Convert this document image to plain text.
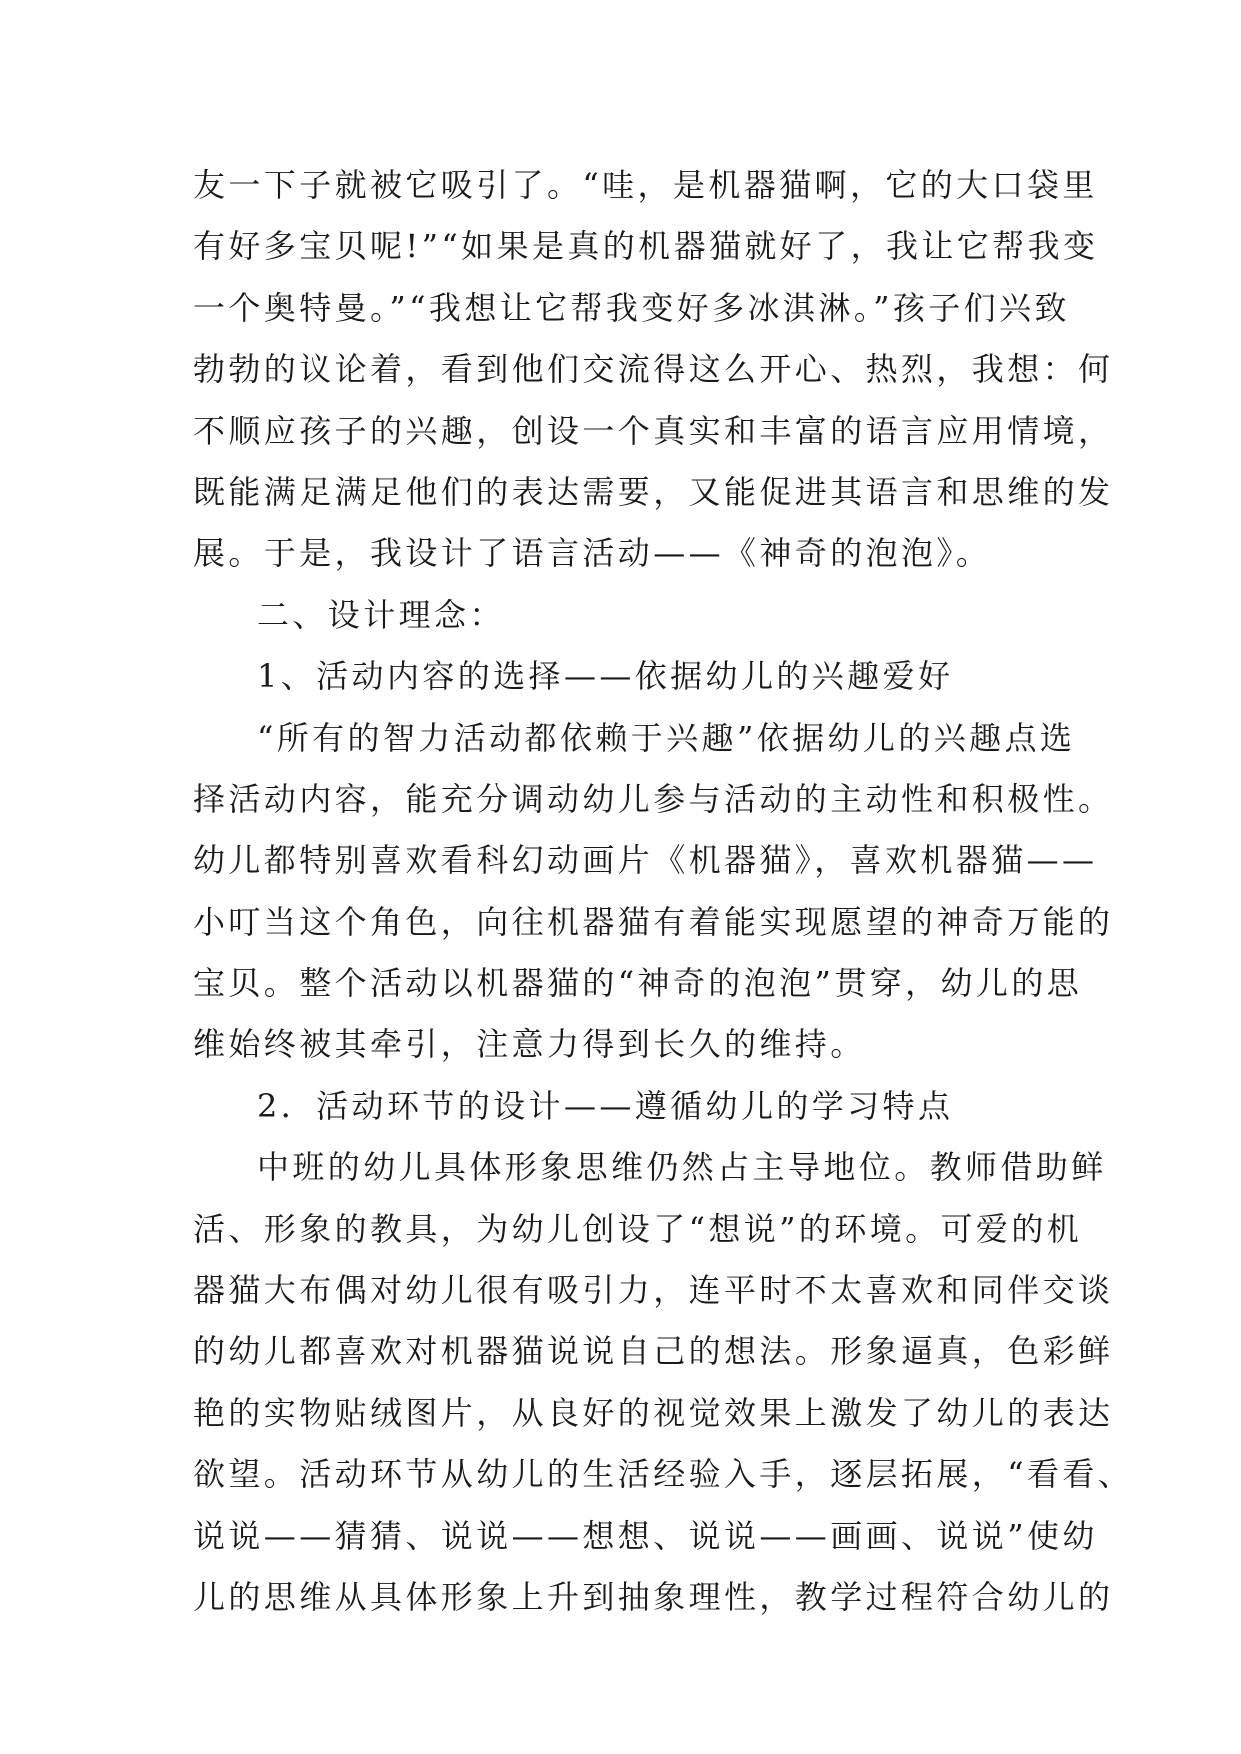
友一下子就被它吸引了。“哇，是机器猫啊，它的大口袋里
有好多宝贝呢!”“如果是真的机器猫就好了，我让它帮我变
一个奥特曼。”“我想让它帮我变好多冰淇淋。”孩子们兴致
勃勃的议论着，看到他们交流得这么开心、热烈，我想：何
不顺应孩子的兴趣，创设一个真实和丰富的语言应用情境，
既能满足满足他们的表达需要，又能促进其语言和思维的发
展。于是，我设计了语言活动——《神奇的泡泡》。
二、设计理念：
1、活动内容的选择——依据幼儿的兴趣爱好
“所有的智力活动都依赖于兴趣”依据幼儿的兴趣点选
择活动内容，能充分调动幼儿参与活动的主动性和积极性。
幼儿都特别喜欢看科幻动画片《机器猫》，喜欢机器猫——
小叮当这个角色，向往机器猫有着能实现愿望的神奇万能的
宝贝。整个活动以机器猫的“神奇的泡泡”贯穿，幼儿的思
维始终被其牵引，注意力得到长久的维持。
2．活动环节的设计——遵循幼儿的学习特点
中班的幼儿具体形象思维仍然占主导地位。教师借助鲜
活、形象的教具，为幼儿创设了“想说”的环境。可爱的机
器猫大布偶对幼儿很有吸引力，连平时不太喜欢和同伴交谈
的幼儿都喜欢对机器猫说说自己的想法。形象逼真，色彩鲜
艳的实物贴绒图片，从良好的视觉效果上激发了幼儿的表达
欲望。活动环节从幼儿的生活经验入手，逐层拓展，“看看、
说说——猜猜、说说——想想、说说——画画、说说”使幼
儿的思维从具体形象上升到抽象理性，教学过程符合幼儿的
